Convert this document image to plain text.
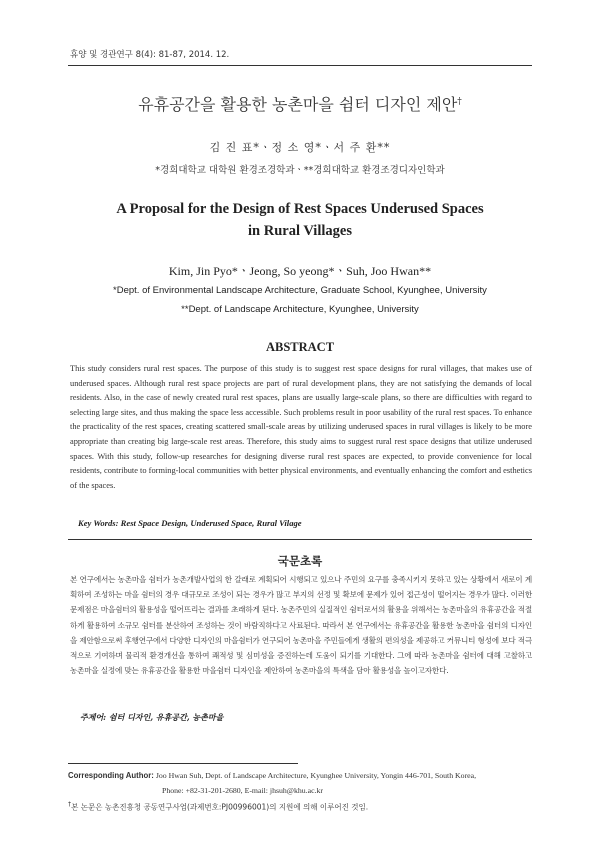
휴양 및 경관연구 8(4): 81-87, 2014. 12.
유휴공간을 활용한 농촌마을 쉼터 디자인 제안†
김 진 표*ㆍ정 소 영*ㆍ서 주 환**
*경희대학교 대학원 환경조경학과ㆍ**경희대학교 환경조경디자인학과
A Proposal for the Design of Rest Spaces Underused Spaces
in Rural Villages
Kim, Jin Pyo*ㆍJeong, So yeong*ㆍSuh, Joo Hwan**
*Dept. of Environmental Landscape Architecture, Graduate School, Kyunghee, University
**Dept. of Landscape Architecture, Kyunghee, University
ABSTRACT

This study considers rural rest spaces. The purpose of this study is to suggest rest space designs for rural villages, that makes use of underused spaces. Although rural rest space projects are part of rural development plans, they are not satisfying the demands of local residents. Also, in the case of newly created rural rest spaces, plans are usually large-scale plans, so there are difficulties with regard to selecting large sites, and thus making the space less accessible. Such problems result in poor usability of the rural rest spaces. To enhance the practicality of the rest spaces, creating scattered small-scale areas by utilizing underused spaces in rural villages is likely to be more appropriate than creating big large-scale rest areas. Therefore, this study aims to suggest rural rest space designs that utilize underused spaces. With this study, follow-up researches for designing diverse rural rest spaces are expected, to provide convenience for local residents, contribute to forming-local communities with better physical environments, and eventually enhancing the comfort and esthetics of the spaces.

Key Words: Rest Space Design, Underused Space, Rural Vilage
국문초록

본 연구에서는 농촌마을 쉼터가 농촌개발사업의 한 갈래로 계획되어 시행되고 있으나 주민의 요구를 충족시키지 못하고 있는 상황에서 새로이 계획하여 조성하는 마을 쉼터의 경우 대규모로 조성이 되는 경우가 많고 부지의 선정 및 확보에 문제가 있어 접근성이 떨어지는 경우가 많다. 이러한 문제점은 마을쉼터의 활용성을 떨어뜨리는 결과를 초래하게 된다. 농촌주민의 실질적인 쉼터로서의 활용을 위해서는 농촌마을의 유휴공간을 적절하게 활용하여 소규모 쉼터를 분산하여 조성하는 것이 바람직하다고 사료된다. 따라서 본 연구에서는 유휴공간을 활용한 농촌마을 쉼터의 디자인을 제안함으로써 후행연구에서 다양한 디자인의 마을쉼터가 연구되어 농촌마을 주민들에게 생활의 편의성을 제공하고 커뮤니티 형성에 보다 적극적으로 기여하며 물리적 환경개선을 통하여 쾌적성 및 심미성을 증진하는데 도움이 되기를 기대한다. 그에 따라 농촌마을 쉼터에 대해 고찰하고 농촌마을 실정에 맞는 유휴공간을 활용한 마을쉼터 디자인을 제안하여 농촌마을의 특색을 담아 활용성을 높이고자한다.

주제어: 쉼터 디자인, 유휴공간, 농촌마을
Corresponding Author: Joo Hwan Suh, Dept. of Landscape Architecture, Kyunghee University, Yongin 446-701, South Korea,
Phone: +82-31-201-2680, E-mail: jhsuh@khu.ac.kr
†본 논문은 농촌진흥청 공동연구사업(과제번호:PJ00996001)의 지원에 의해 이루어진 것임.
